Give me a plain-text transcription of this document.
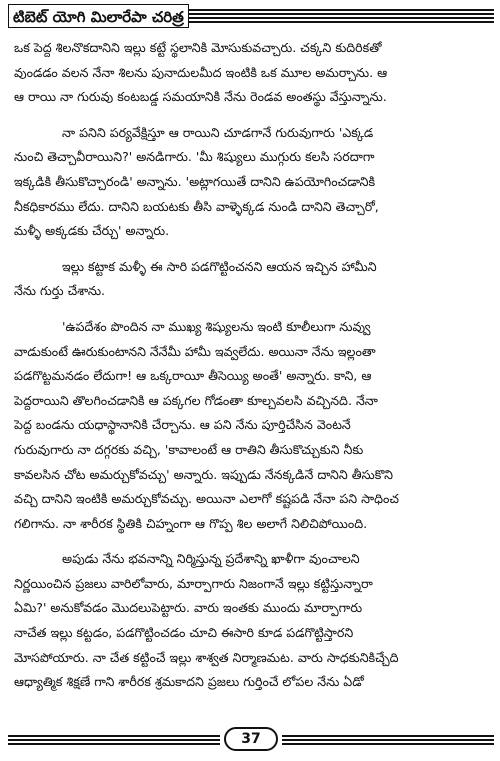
టిబెట్ యోగి మిలారేపా చరిత్ర

ఒక పెద్ద శిలనొకదానిని ఇల్లు కట్టే స్థలానికి మోసుకువచ్చారు. చక్కని కుదిరికతో
వుండడం వలన నేనా శిలను పునాదులమీద ఇంటికి ఒక మూల అమర్చాను. ఆ
ఆ రాయి నా గురువు కంటబడ్డ సమయానికి నేను రెండవ అంతస్థు వేస్తున్నాను.

నా పనిని పర్యవేక్షిస్తూ ఆ రాయిని చూడగానే గురువుగారు 'ఎక్కడ
నుంచి తెచ్చావీరాయిని?' అనడిగారు. 'మీ శిష్యులు ముగ్గురు కలసి సరదాగా
ఇక్కడికి తీసుకొచ్చారండి' అన్నాను. 'అట్లాగయితే దానిని ఉపయోగించడానికి
నీకధికారము లేదు. దానిని బయటకు తీసి వాళ్ళెక్కడ నుండి దానిని తెచ్చారో,
మళ్ళీ అక్కడకు చేర్చు' అన్నారు.

ఇల్లు కట్టాక మళ్ళీ ఈ సారి పడగొట్టించనని ఆయన ఇచ్చిన హామీని
నేను గుర్తు చేశాను.

'ఉపదేశం పొందిన నా ముఖ్య శిష్యులను ఇంటి కూలీలుగా నువ్వు
వాడుకుంటే ఊరుకుంటానని నేనేమీ హామీ ఇవ్వలేదు. అయినా నేను ఇల్లంతా
పడగొట్టమనడం లేదుగా! ఆ ఒక్కరాయీ తీసెయ్యి అంతే' అన్నారు. కాని, ఆ
పెద్దరాయిని తొలగించడానికి ఆ పక్కగల గోడంతా కూల్చవలసి వచ్చినది. నేనా
పెద్ద బండను యధాస్థానానికి చేర్చాను. ఆ పని నేను పూర్తిచేసిన వెంటనే
గురువుగారు నా దగ్గరకు వచ్చి, 'కావాలంటే ఆ రాతిని తీసుకొచ్చుకుని నీకు
కావలసిన చోట అమర్చుకోవచ్చు' అన్నారు. ఇప్పుడు నేనక్కడినే దానిని తీసుకొని
వచ్చి దానిని ఇంటికి అమర్చుకోవచ్చు. అయినా ఎలాగో కష్టపడి నేనా పని సాధించ
గలిగాను. నా శారీరక స్థితికి చిహ్నంగా ఆ గొప్ప శిల అలాగే నిలిచిపోయింది.

అపుడు నేను భవనాన్ని నిర్మిస్తున్న ప్రదేశాన్ని ఖాళీగా వుంచాలని
నిర్ణయించిన ప్రజలు వారిలోవారు, మార్పాగారు నిజంగానే ఇల్లు కట్టిస్తున్నారా
ఏమి?' అనుకోవడం మొదలుపెట్టారు. వారు ఇంతకు ముందు మార్పాగారు
నాచేత ఇల్లు కట్టడం, పడగొట్టించడం చూచి ఈసారి కూడ పడగొట్టిస్తారని
మోసపోయారు. నా చేత కట్టించే ఇల్లు శాశ్వత నిర్మాణమట. వారు సాధకునికిచ్చేది
ఆధ్యాత్మిక శిక్షణే గాని శారీరక శ్రమకాదని ప్రజలు గుర్తించే లోపల నేను ఏడో

37
